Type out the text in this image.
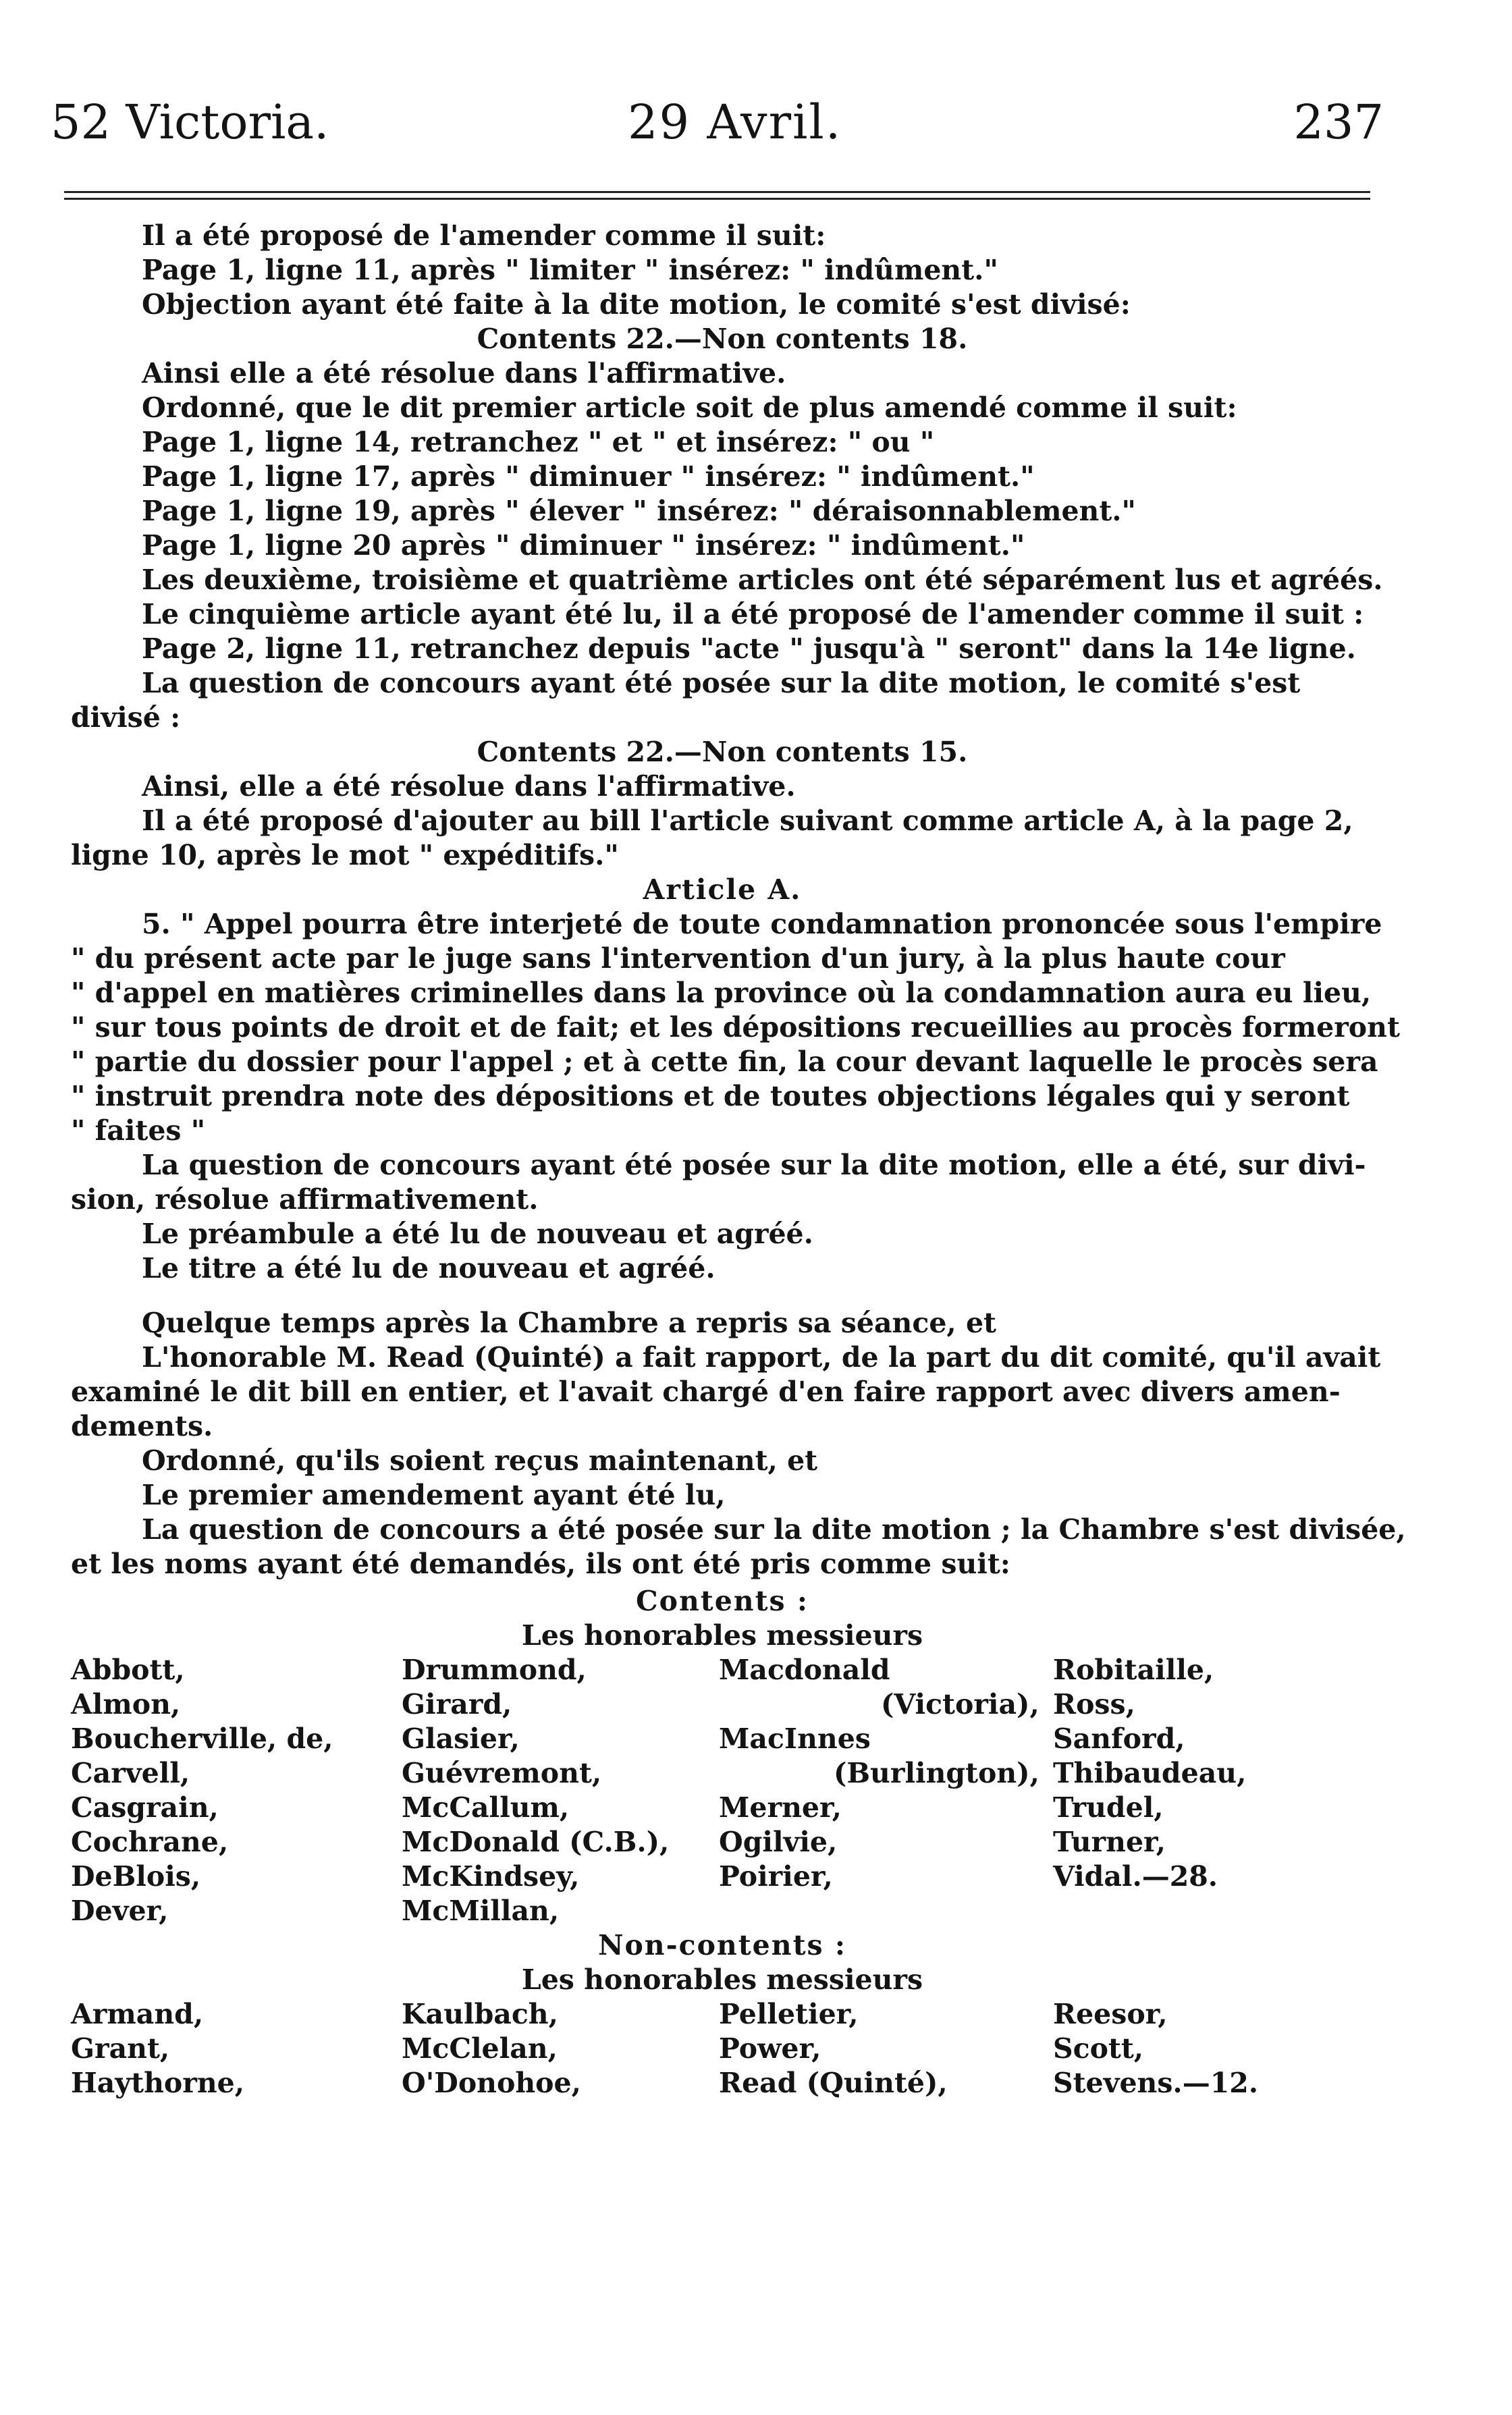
52 Victoria.	29 Avril.	237
Il a été proposé de l'amender comme il suit:
Page 1, ligne 11, après " limiter " insérez: " indûment."
Objection ayant été faite à la dite motion, le comité s'est divisé:
Contents 22.—Non contents 18.
Ainsi elle a été résolue dans l'affirmative.
Ordonné, que le dit premier article soit de plus amendé comme il suit:
Page 1, ligne 14, retranchez " et " et insérez: " ou "
Page 1, ligne 17, après " diminuer " insérez: " indûment."
Page 1, ligne 19, après " élever " insérez: " déraisonnablement."
Page 1, ligne 20 après " diminuer " insérez: " indûment."
Les deuxième, troisième et quatrième articles ont été séparément lus et agréés.
Le cinquième article ayant été lu, il a été proposé de l'amender comme il suit :
Page 2, ligne 11, retranchez depuis "acte " jusqu'à " seront" dans la 14e ligne.
La question de concours ayant été posée sur la dite motion, le comité s'est
divisé :
Contents 22.—Non contents 15.
Ainsi, elle a été résolue dans l'affirmative.
Il a été proposé d'ajouter au bill l'article suivant comme article A, à la page 2,
ligne 10, après le mot " expéditifs."
Article A.
5. " Appel pourra être interjeté de toute condamnation prononcée sous l'empire
" du présent acte par le juge sans l'intervention d'un jury, à la plus haute cour
" d'appel en matières criminelles dans la province où la condamnation aura eu lieu,
" sur tous points de droit et de fait; et les dépositions recueillies au procès formeront
" partie du dossier pour l'appel ; et à cette fin, la cour devant laquelle le procès sera
" instruit prendra note des dépositions et de toutes objections légales qui y seront
" faites "
La question de concours ayant été posée sur la dite motion, elle a été, sur divi-
sion, résolue affirmativement.
Le préambule a été lu de nouveau et agréé.
Le titre a été lu de nouveau et agréé.
Quelque temps après la Chambre a repris sa séance, et
L'honorable M. Read (Quinté) a fait rapport, de la part du dit comité, qu'il avait
examiné le dit bill en entier, et l'avait chargé d'en faire rapport avec divers amen-
dements.
Ordonné, qu'ils soient reçus maintenant, et
Le premier amendement ayant été lu,
La question de concours a été posée sur la dite motion ; la Chambre s'est divisée,
et les noms ayant été demandés, ils ont été pris comme suit:
Contents :
Les honorables messieurs
Abbott,
Almon,
Boucherville, de,
Carvell,
Casgrain,
Cochrane,
DeBlois,
Dever,
Drummond,
Girard,
Glasier,
Guévremont,
McCallum,
McDonald (C.B.),
McKindsey,
McMillan,
Macdonald
(Victoria),
MacInnes
(Burlington),
Merner,
Ogilvie,
Poirier,
Robitaille,
Ross,
Sanford,
Thibaudeau,
Trudel,
Turner,
Vidal.—28.
Non-contents :
Les honorables messieurs
Armand,
Grant,
Haythorne,
Kaulbach,
McClelan,
O'Donohoe,
Pelletier,
Power,
Read (Quinté),
Reesor,
Scott,
Stevens.—12.
